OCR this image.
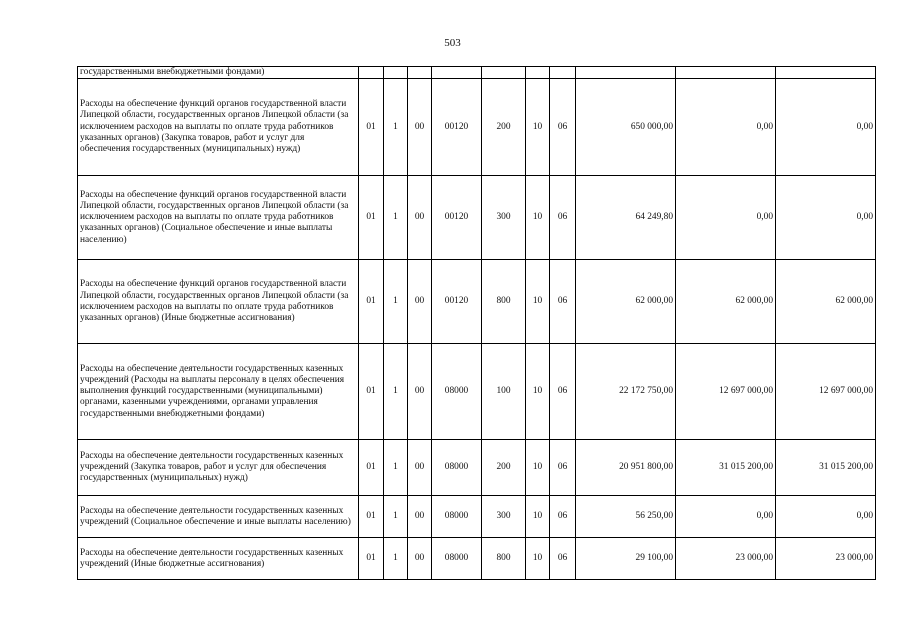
503
государственными внебюджетными фондами)										
Расходы на обеспечение функций органов государственной власти Липецкой области, государственных органов Липецкой области (за исключением расходов на выплаты по оплате труда работников указанных органов) (Закупка товаров, работ и услуг для обеспечения государственных (муниципальных) нужд)	01	1	00	00120	200	10	06	650 000,00	0,00	0,00
Расходы на обеспечение функций органов государственной власти Липецкой области, государственных органов Липецкой области (за исключением расходов на выплаты по оплате труда работников указанных органов) (Социальное обеспечение и иные выплаты населению)	01	1	00	00120	300	10	06	64 249,80	0,00	0,00
Расходы на обеспечение функций органов государственной власти Липецкой области, государственных органов Липецкой области (за исключением расходов на выплаты по оплате труда работников указанных органов) (Иные бюджетные ассигнования)	01	1	00	00120	800	10	06	62 000,00	62 000,00	62 000,00
Расходы на обеспечение деятельности государственных казенных учреждений (Расходы на выплаты персоналу в целях обеспечения выполнения функций государственными (муниципальными) органами, казенными учреждениями, органами управления государственными внебюджетными фондами)	01	1	00	08000	100	10	06	22 172 750,00	12 697 000,00	12 697 000,00
Расходы на обеспечение деятельности государственных казенных учреждений (Закупка товаров, работ и услуг для обеспечения государственных (муниципальных) нужд)	01	1	00	08000	200	10	06	20 951 800,00	31 015 200,00	31 015 200,00
Расходы на обеспечение деятельности государственных казенных учреждений (Социальное обеспечение и иные выплаты населению)	01	1	00	08000	300	10	06	56 250,00	0,00	0,00
Расходы на обеспечение деятельности государственных казенных учреждений (Иные бюджетные ассигнования)	01	1	00	08000	800	10	06	29 100,00	23 000,00	23 000,00
